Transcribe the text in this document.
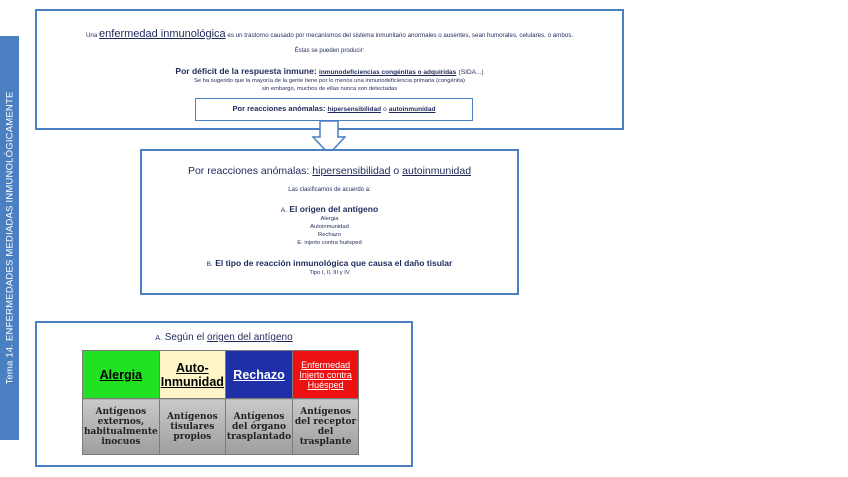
Tema 14. ENFERMEDADES MEDIADAS INMUNOLÓGICAMENTE
Una enfermedad inmunológica es un trastorno causado por mecanismos del sistema inmunitario anormales o ausentes, sean humorales, celulares, o ambos.
Éstas se pueden producir:
Por déficit de la respuesta inmune: inmunodeficiencias congénitas o adquiridas (SIDA...)
Se ha sugerido que la mayoría de la gente tiene por lo menos una inmunodeficiencia primaria (congénita)
sin embargo, muchos de ellas nunca son detectadas
Por reacciones anómalas: hipersensibilidad o autoinmunidad
Por reacciones anómalas: hipersensibilidad o autoinmunidad
Las clasificamos de acuerdo a:
A. El origen del antígeno
Alergia
Autoinmunidad
Rechazo
E. injerto contra huésped
B. El tipo de reacción inmunológica que causa el daño tisular
Tipo I, II, III y IV
A. Según el origen del antígeno
Alergia	Auto-Inmunidad	Rechazo	Enfermedad Injerto contra Huésped
Antígenos externos, habitualmente inocuos	Antígenos tisulares propios	Antígenos del órgano trasplantado	Antígenos del receptor del trasplante
